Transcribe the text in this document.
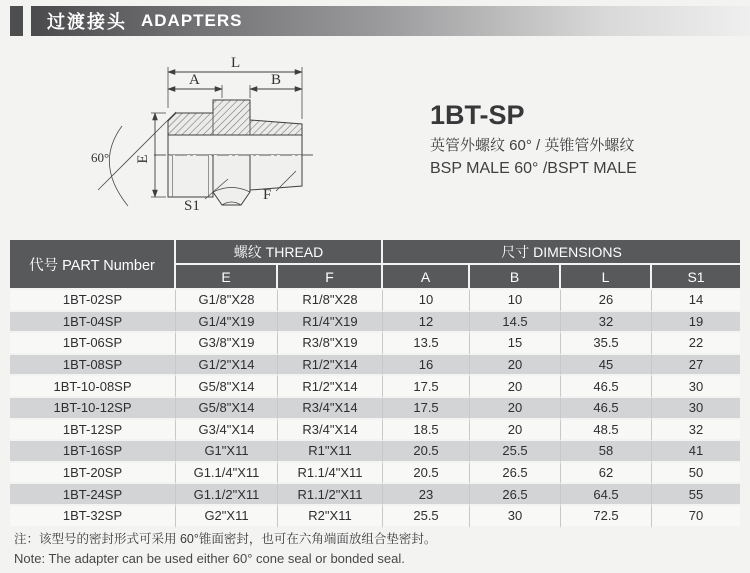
过渡接头 ADAPTERS
60°
L
A	B
E
S1
F

1BT-SP

英管外螺纹 60° / 英锥管外螺纹

BSP MALE 60° /BSPT MALE

代号 PART Number	螺纹 THREAD		尺寸 DIMENSIONS			
	E	F	A	B	L	S1
1BT-02SP	G1/8"X28	R1/8"X28	10	10	26	14
1BT-04SP	G1/4"X19	R1/4"X19	12	14.5	32	19
1BT-06SP	G3/8"X19	R3/8"X19	13.5	15	35.5	22
1BT-08SP	G1/2"X14	R1/2"X14	16	20	45	27
1BT-10-08SP	G5/8"X14	R1/2"X14	17.5	20	46.5	30
1BT-10-12SP	G5/8"X14	R3/4"X14	17.5	20	46.5	30
1BT-12SP	G3/4"X14	R3/4"X14	18.5	20	48.5	32
1BT-16SP	G1"X11	R1"X11	20.5	25.5	58	41
1BT-20SP	G1.1/4"X11	R1.1/4"X11	20.5	26.5	62	50
1BT-24SP	G1.1/2"X11	R1.1/2"X11	23	26.5	64.5	55
1BT-32SP	G2"X11	R2"X11	25.5	30	72.5	70

注：该型号的密封形式可采用 60°锥面密封，也可在六角端面放组合垫密封。

Note: The adapter can be used either 60° cone seal or bonded seal.
